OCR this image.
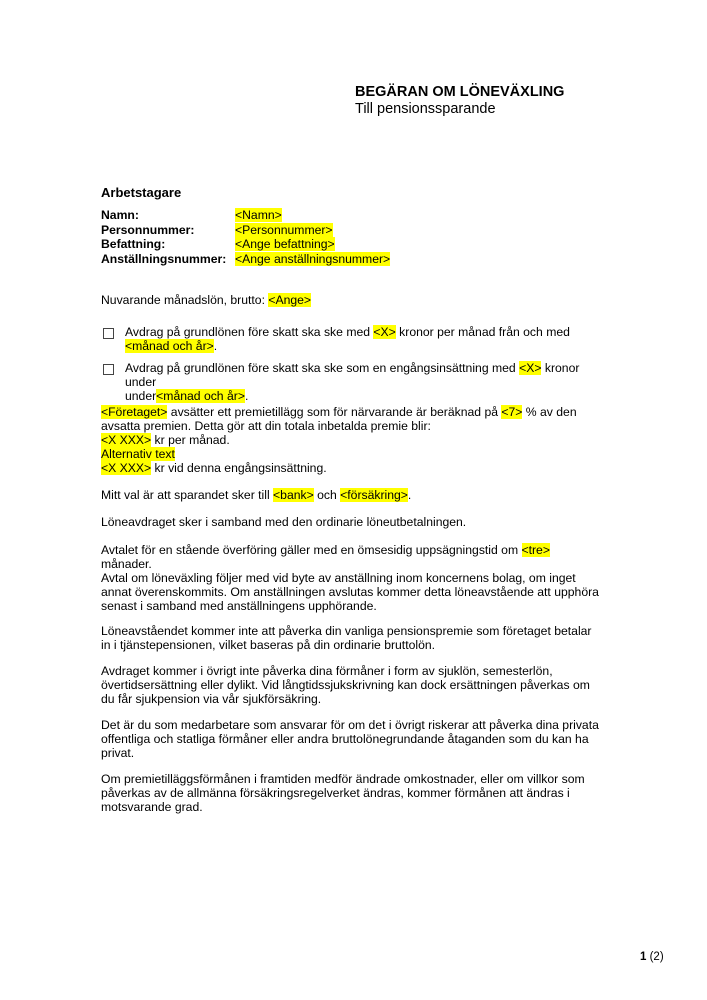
BEGÄRAN OM LÖNEVÄXLING
Till pensionssparande
Arbetstagare
Namn:	<Namn>
Personnummer:	<Personnummer>
Befattning:	<Ange befattning>
Anställningsnummer: <Ange anställningsnummer>
Nuvarande månadslön, brutto: <Ange>
Avdrag på grundlönen före skatt ska ske med <X> kronor per månad från och med
<månad och år>.
Avdrag på grundlönen före skatt ska ske som en engångsinsättning med <X> kronor under
under<månad och år>.
<Företaget> avsätter ett premietillägg som för närvarande är beräknad på <7> % av den avsatta premien. Detta gör att din totala inbetalda premie blir:
<X XXX> kr per månad.
Alternativ text
<X XXX> kr vid denna engångsinsättning.
Mitt val är att sparandet sker till <bank> och <försäkring>.
Löneavdraget sker i samband med den ordinarie löneutbetalningen.
Avtalet för en stående överföring gäller med en ömsesidig uppsägningstid om <tre> månader.
Avtal om löneväxling följer med vid byte av anställning inom koncernens bolag, om inget annat överenskommits. Om anställningen avslutas kommer detta löneavstående att upphöra senast i samband med anställningens upphörande.
Löneavståendet kommer inte att påverka din vanliga pensionspremie som företaget betalar in i tjänstepensionen, vilket baseras på din ordinarie bruttolön.
Avdraget kommer i övrigt inte påverka dina förmåner i form av sjuklön, semesterlön, övertidsersättning eller dylikt. Vid långtidssjukskrivning kan dock ersättningen påverkas om du får sjukpension via vår sjukförsäkring.
Det är du som medarbetare som ansvarar för om det i övrigt riskerar att påverka dina privata offentliga och statliga förmåner eller andra bruttolönegrundande åtaganden som du kan ha privat.
Om premietilläggsförmånen i framtiden medför ändrade omkostnader, eller om villkor som påverkas av de allmänna försäkringsregelverket ändras, kommer förmånen att ändras i motsvarande grad.
1 (2)
